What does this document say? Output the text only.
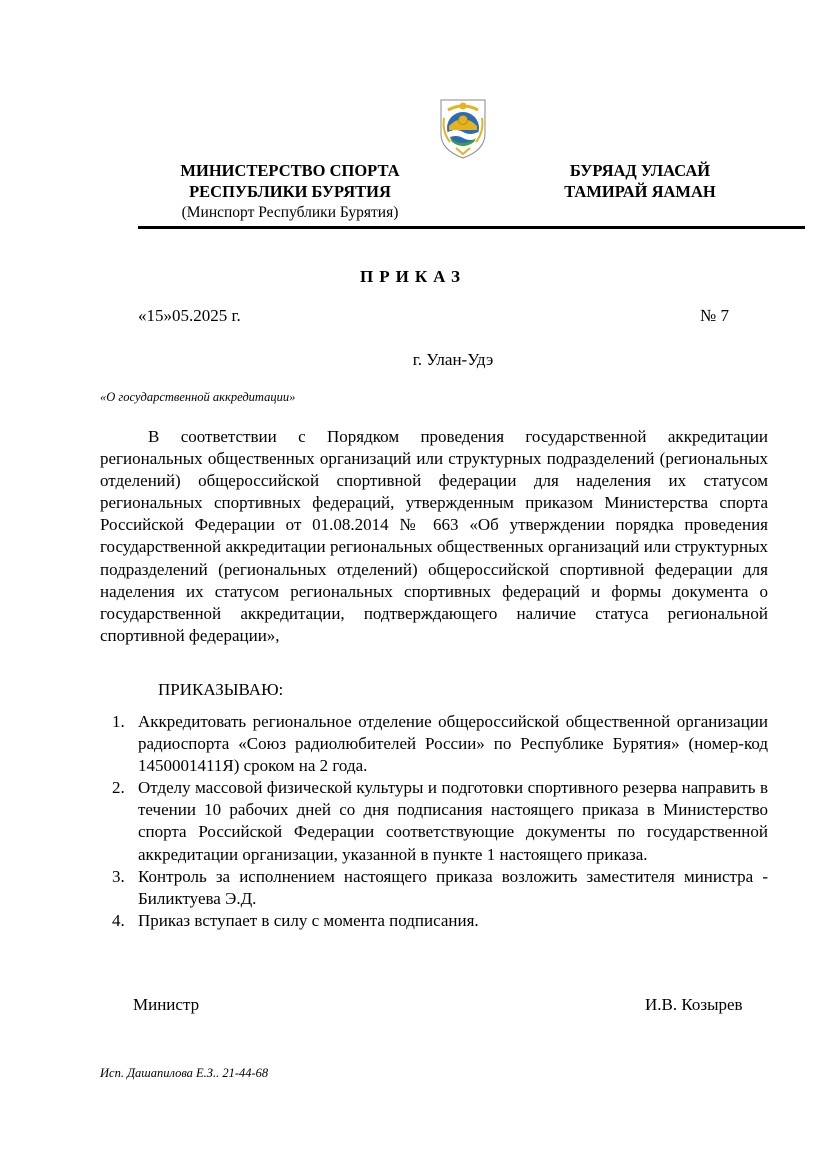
МИНИСТЕРСТВО СПОРТА
РЕСПУБЛИКИ БУРЯТИЯ
(Минспорт Республики Бурятия)
БУРЯАД УЛАСАЙ
ТАМИРАЙ ЯАМАН
ПРИКАЗ
«15»05.2025 г.	№ 7
г. Улан-Удэ
«О государственной аккредитации»
В соответствии с Порядком проведения государственной аккредитации региональных общественных организаций или структурных подразделений (региональных отделений) общероссийской спортивной федерации для наделения их статусом региональных спортивных федераций, утвержденным приказом Министерства спорта Российской Федерации от 01.08.2014 № 663 «Об утверждении порядка проведения государственной аккредитации региональных общественных организаций или структурных подразделений (региональных отделений) общероссийской спортивной федерации для наделения их статусом региональных спортивных федераций и формы документа о государственной аккредитации, подтверждающего наличие статуса региональной спортивной федерации»,
ПРИКАЗЫВАЮ:
1. Аккредитовать региональное отделение общероссийской общественной организации радиоспорта «Союз радиолюбителей России» по Республике Бурятия» (номер-код 1450001411Я) сроком на 2 года.
2. Отделу массовой физической культуры и подготовки спортивного резерва направить в течении 10 рабочих дней со дня подписания настоящего приказа в Министерство спорта Российской Федерации соответствующие документы по государственной аккредитации организации, указанной в пункте 1 настоящего приказа.
3. Контроль за исполнением настоящего приказа возложить заместителя министра - Биликтуева Э.Д.
4. Приказ вступает в силу с момента подписания.
Министр	И.В. Козырев
Исп. Дашапилова Е.З.. 21-44-68
